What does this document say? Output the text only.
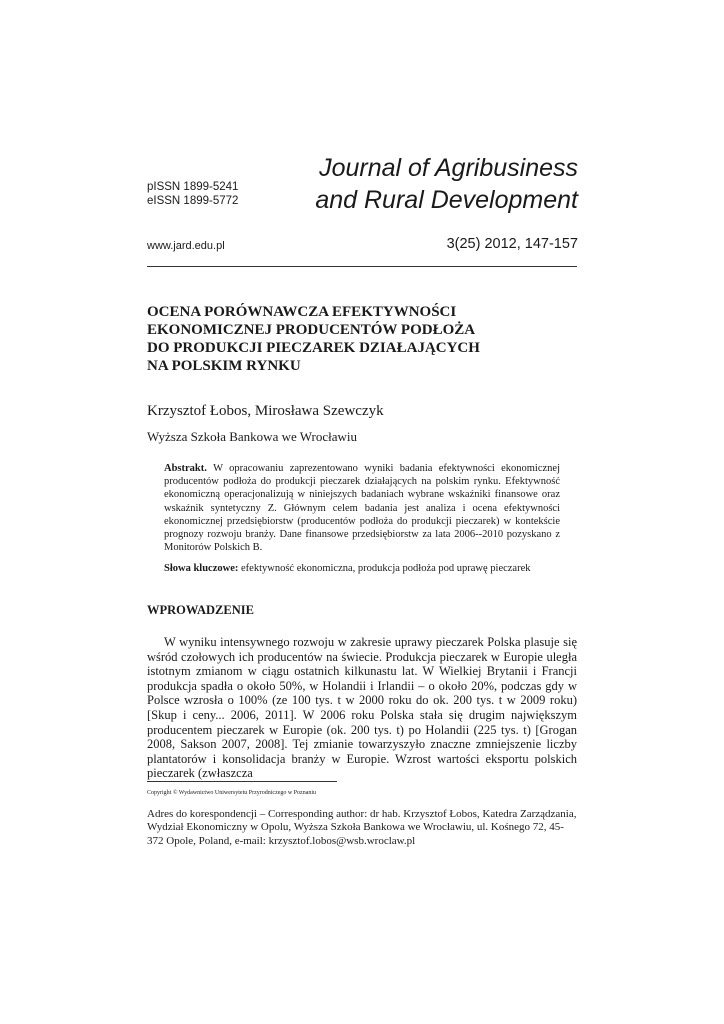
pISSN 1899-5241
eISSN 1899-5772
Journal of Agribusiness
and Rural Development
www.jard.edu.pl	3(25) 2012, 147-157
OCENA PORÓWNAWCZA EFEKTYWNOŚCI
EKONOMICZNEJ PRODUCENTÓW PODŁOŻA
DO PRODUKCJI PIECZAREK DZIAŁAJĄCYCH
NA POLSKIM RYNKU
Krzysztof Łobos, Mirosława Szewczyk
Wyższa Szkoła Bankowa we Wrocławiu

Abstrakt. W opracowaniu zaprezentowano wyniki badania efektywności ekonomicznej producentów podłoża do produkcji pieczarek działających na polskim rynku. Efektywność ekonomiczną operacjonalizują w niniejszych badaniach wybrane wskaźniki finansowe oraz wskaźnik syntetyczny Z. Głównym celem badania jest analiza i ocena efektywności ekonomicznej przedsiębiorstw (producentów podłoża do produkcji pieczarek) w kontekście prognozy rozwoju branży. Dane finansowe przedsiębiorstw za lata 2006--2010 pozyskano z Monitorów Polskich B.

Słowa kluczowe: efektywność ekonomiczna, produkcja podłoża pod uprawę pieczarek

WPROWADZENIE

W wyniku intensywnego rozwoju w zakresie uprawy pieczarek Polska plasuje się wśród czołowych ich producentów na świecie. Produkcja pieczarek w Europie uległa istotnym zmianom w ciągu ostatnich kilkunastu lat. W Wielkiej Brytanii i Francji produkcja spadła o około 50%, w Holandii i Irlandii – o około 20%, podczas gdy w Polsce wzrosła o 100% (ze 100 tys. t w 2000 roku do ok. 200 tys. t w 2009 roku) [Skup i ceny... 2006, 2011]. W 2006 roku Polska stała się drugim największym producentem pieczarek w Europie (ok. 200 tys. t) po Holandii (225 tys. t) [Grogan 2008, Sakson 2007, 2008]. Tej zmianie towarzyszyło znaczne zmniejszenie liczby plantatorów i konsolidacja branży w Europie. Wzrost wartości eksportu polskich pieczarek (zwłaszcza

Copyright © Wydawnictwo Uniwersytetu Przyrodniczego w Poznaniu

Adres do korespondencji – Corresponding author: dr hab. Krzysztof Łobos, Katedra Zarządzania, Wydział Ekonomiczny w Opolu, Wyższa Szkoła Bankowa we Wrocławiu, ul. Kośnego 72, 45-372 Opole, Poland, e-mail: krzysztof.lobos@wsb.wroclaw.pl
